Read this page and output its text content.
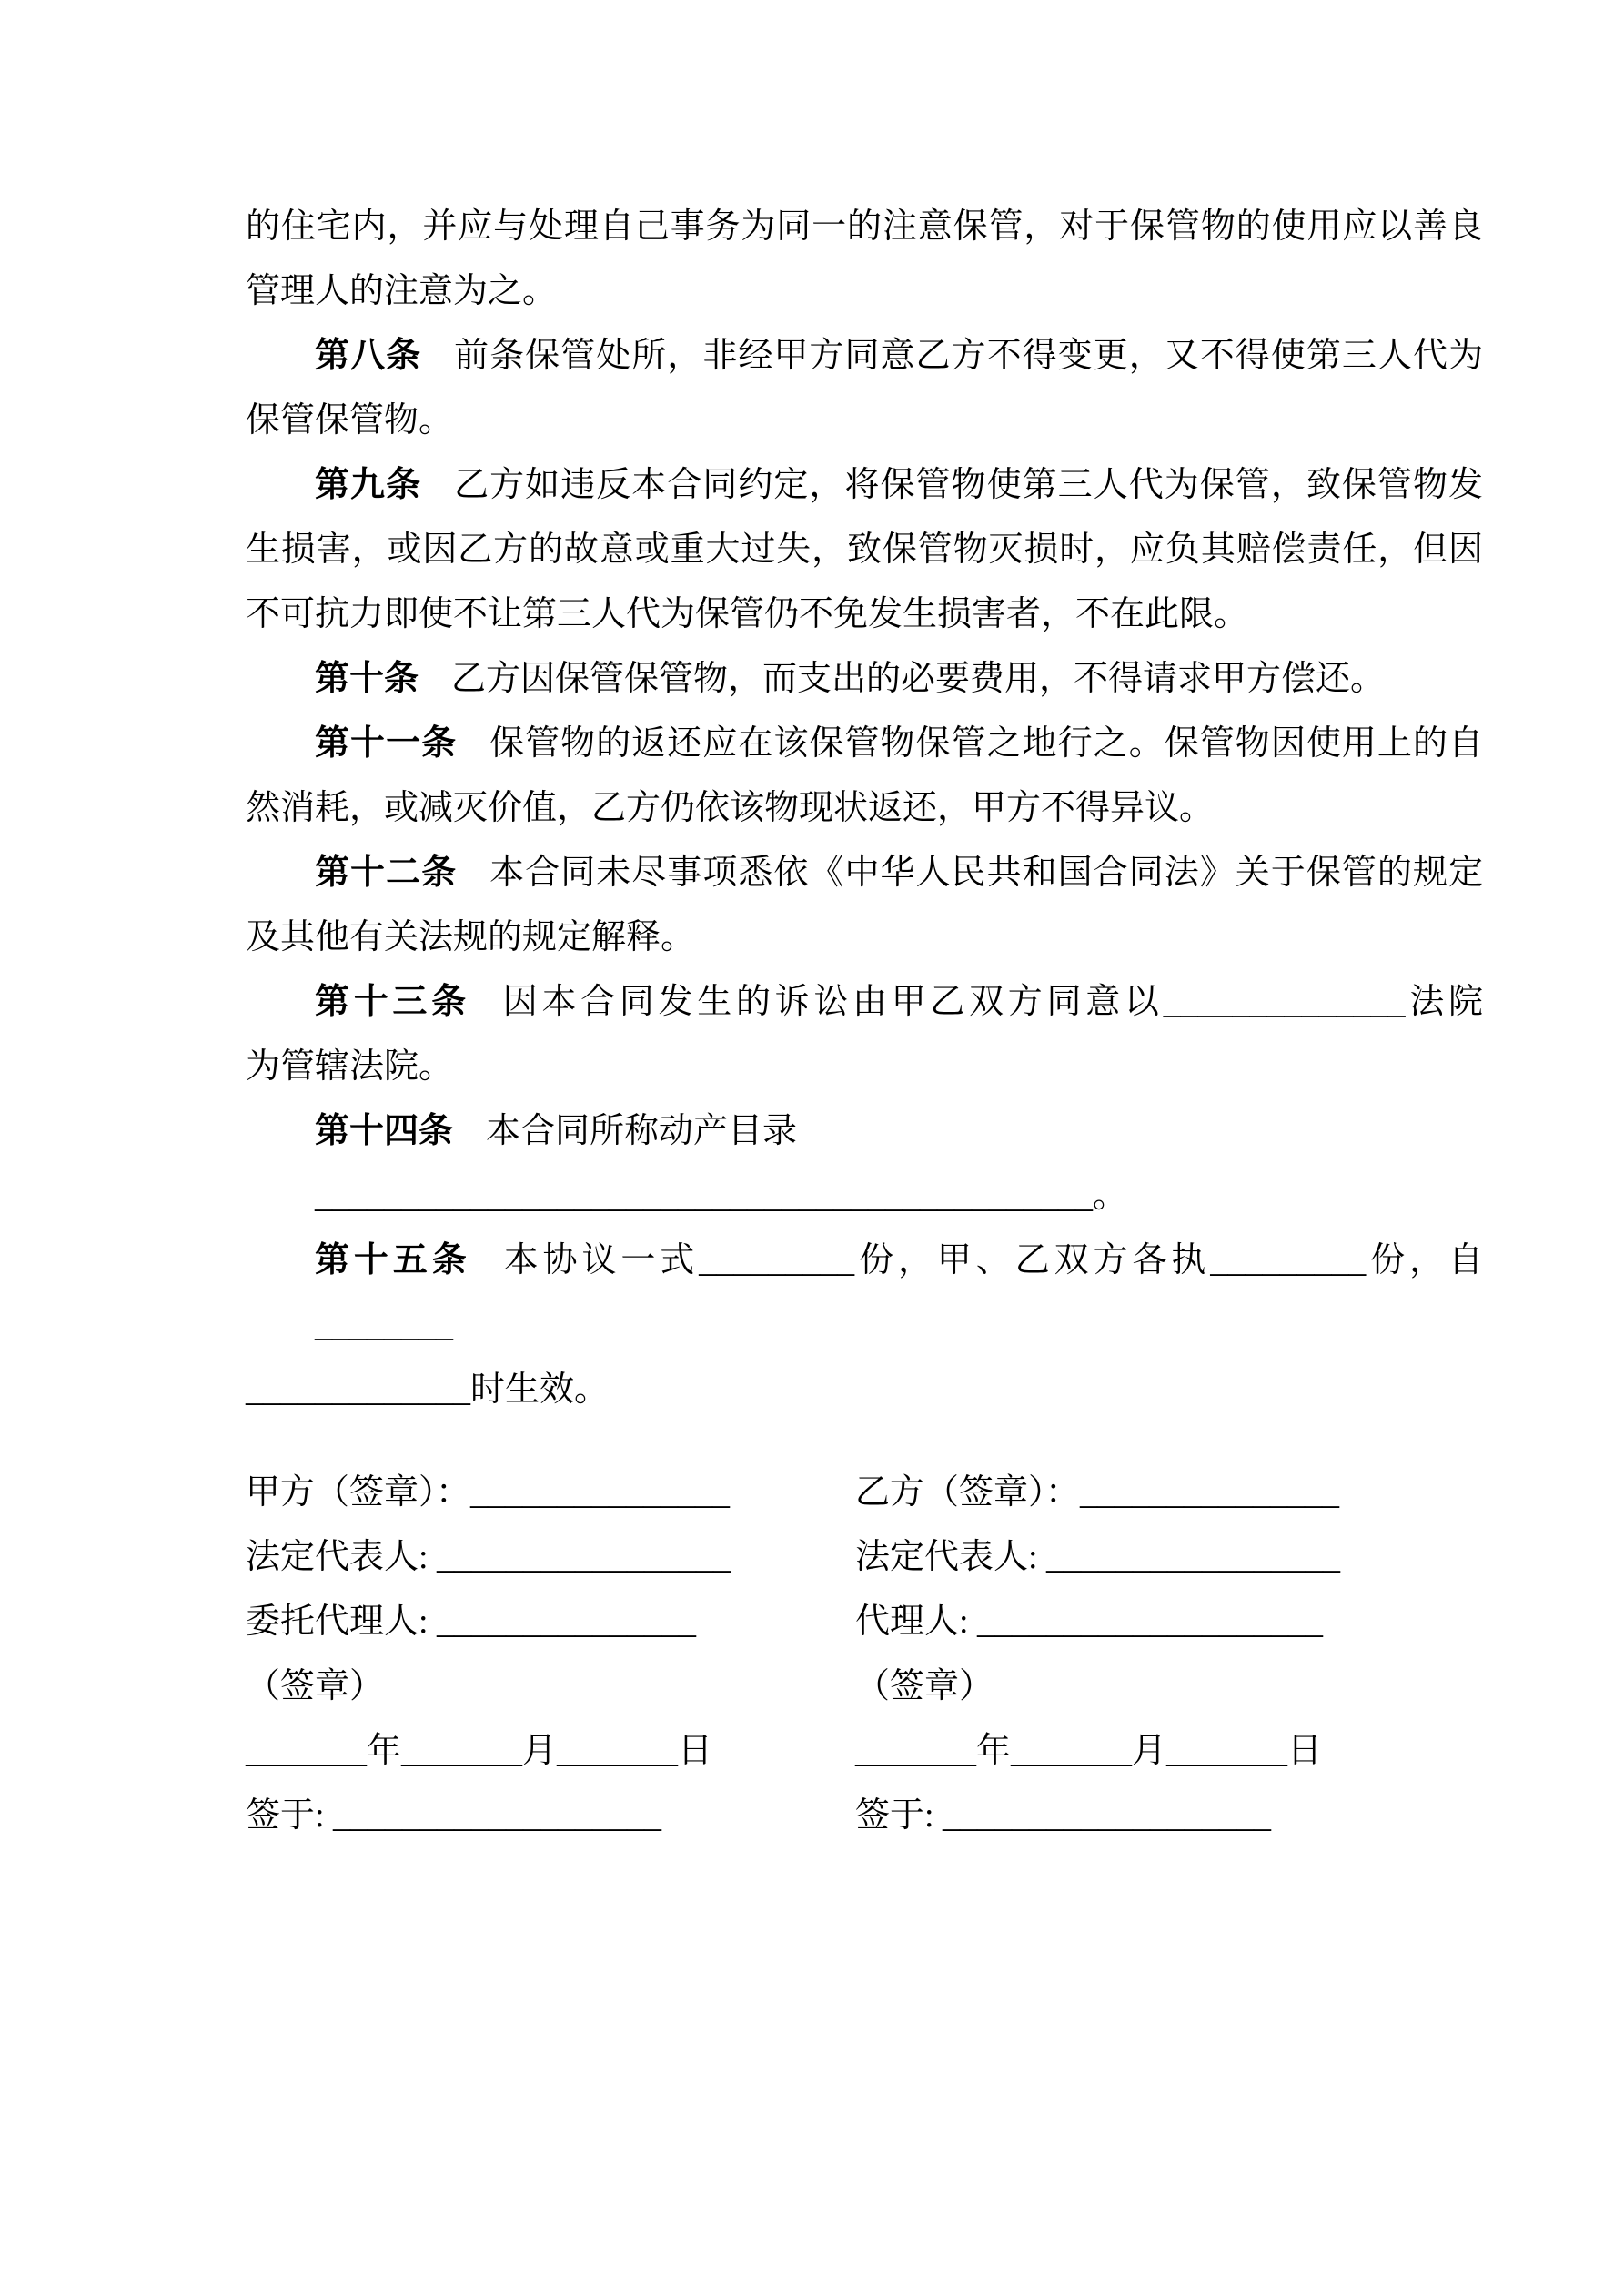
的住宅内，并应与处理自己事务为同一的注意保管，对于保管物的使用应以善良
管理人的注意为之。
第八条 前条保管处所，非经甲方同意乙方不得变更，又不得使第三人代为
保管保管物。
第九条 乙方如违反本合同约定，将保管物使第三人代为保管，致保管物发
生损害，或因乙方的故意或重大过失，致保管物灭损时，应负其赔偿责任，但因
不可抗力即使不让第三人代为保管仍不免发生损害者，不在此限。
第十条 乙方因保管保管物，而支出的必要费用，不得请求甲方偿还。
第十一条 保管物的返还应在该保管物保管之地行之。保管物因使用上的自
然消耗，或减灭价值，乙方仍依该物现状返还，甲方不得异议。
第十二条 本合同未尽事项悉依《中华人民共和国合同法》关于保管的规定
及其他有关法规的规定解释。
第十三条 因本合同发生的诉讼由甲乙双方同意以______________法院
为管辖法院。
第十四条 本合同所称动产目录
_____________________________________________。
第十五条 本协议一式_________份，甲、乙双方各执_________份，自________
_____________时生效。
甲方（签章）：_______________
法定代表人: _________________
委托代理人: _______________
（签章）
_______年_______月_______日
签于: ___________________
乙方（签章）：_______________
法定代表人: _________________
代理人: ____________________
（签章）
_______年_______月_______日
签于: ___________________
